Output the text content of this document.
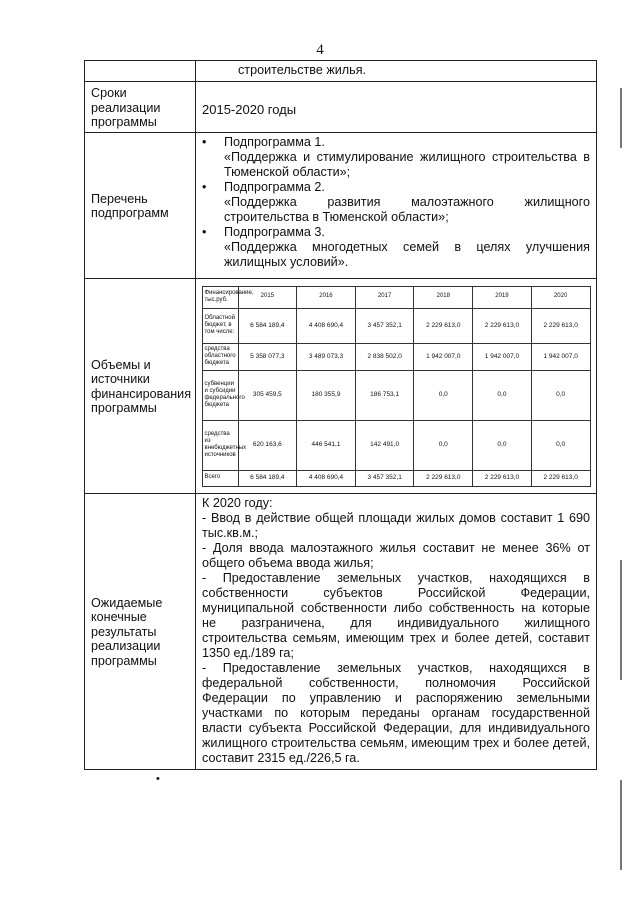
4

строительстве жилья.

Сроки реализации программы	
2015-2020 годы

Перечень подпрограмм	
•	Подпрограмма 1.
«Поддержка и стимулирование жилищного строительства в Тюменской области»;
•	Подпрограмма 2.
«Поддержка развития малоэтажного жилищного строительства в Тюменской области»;
•	Подпрограмма 3.
«Поддержка многодетных семей в целях улучшения жилищных условий».

Объемы и источники финансирования программы	
Финансирование, тыс.руб.	2015	2016	2017	2018	2019	2020
Областной бюджет, в том числе:	6 584 189,4	4 408 690,4	3 457 352,1	2 229 613,0	2 229 613,0	2 229 613,0
средства областного бюджета	5 358 077,3	3 489 073,3	2 838 502,0	1 942 007,0	1 942 007,0	1 942 007,0
субвенции и субсидии федерального бюджета	305 459,5	180 355,9	186 753,1	0,0	0,0	0,0
средства из внебюджетных источников	620 163,6	446 541,1	142 491,0	0,0	0,0	0,0
Всего	6 584 189,4	4 408 690,4	3 457 352,1	2 229 613,0	2 229 613,0	2 229 613,0

Ожидаемые конечные результаты реализации программы	

К 2020 году:

- Ввод в действие общей площади жилых домов составит 1 690 тыс.кв.м.;

- Доля ввода малоэтажного жилья составит не менее 36% от общего объема ввода жилья;

- Предоставление земельных участков, находящихся в собственности субъектов Российской Федерации, муниципальной собственности либо собственность на которые не разграничена, для индивидуального жилищного строительства семьям, имеющим трех и более детей, составит 1350 ед./189 га;

- Предоставление земельных участков, находящихся в федеральной собственности, полномочия Российской Федерации по управлению и распоряжению земельными участками по которым переданы органам государственной власти субъекта Российской Федерации, для индивидуального жилищного строительства семьям, имеющим трех и более детей, составит 2315 ед./226,5 га.

•
